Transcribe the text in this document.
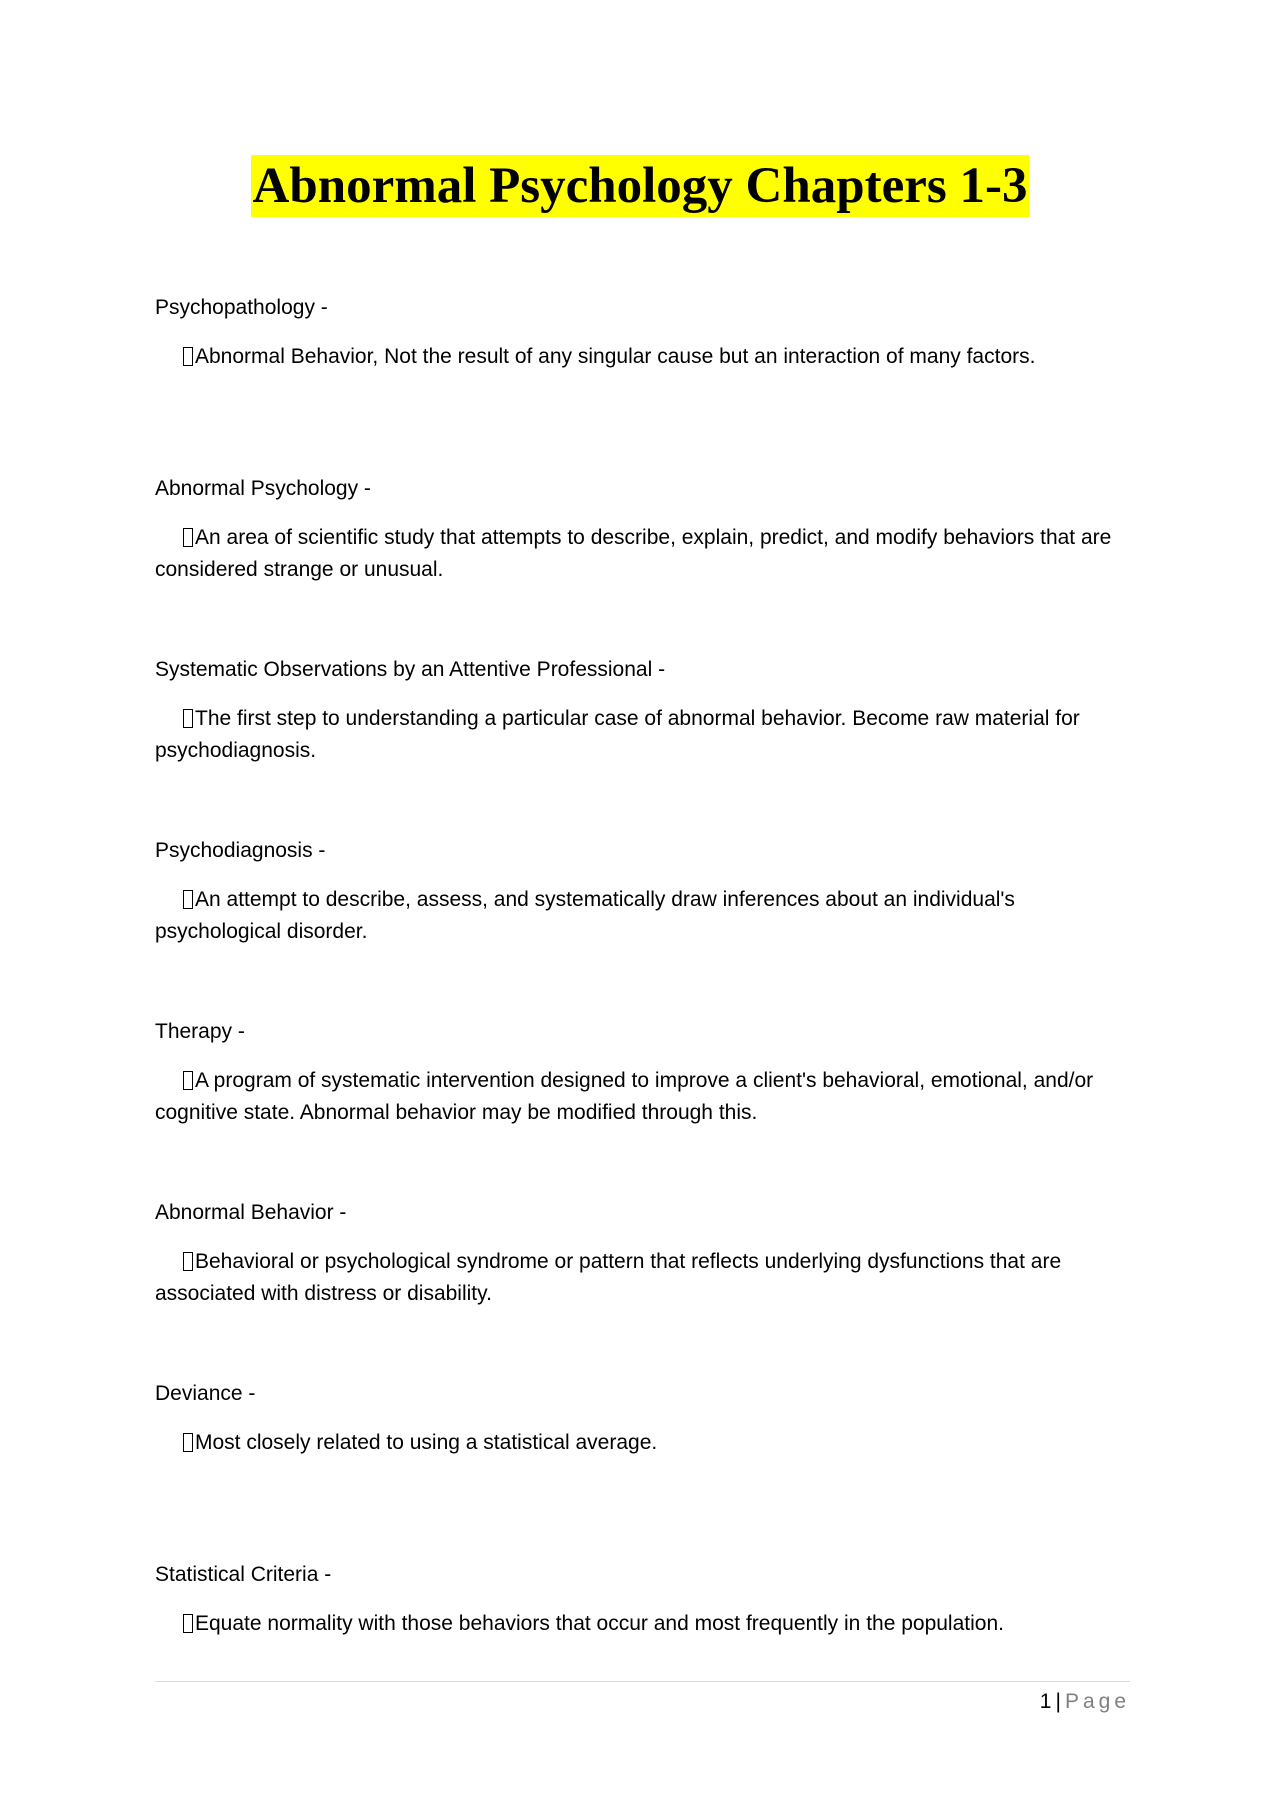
Abnormal Psychology Chapters 1-3

Psychopathology -

Abnormal Behavior, Not the result of any singular cause but an interaction of many factors.

Abnormal Psychology -

An area of scientific study that attempts to describe, explain, predict, and modify behaviors that are considered strange or unusual.

Systematic Observations by an Attentive Professional -

The first step to understanding a particular case of abnormal behavior. Become raw material for psychodiagnosis.

Psychodiagnosis -

An attempt to describe, assess, and systematically draw inferences about an individual's psychological disorder.

Therapy -

A program of systematic intervention designed to improve a client's behavioral, emotional, and/or cognitive state. Abnormal behavior may be modified through this.

Abnormal Behavior -

Behavioral or psychological syndrome or pattern that reflects underlying dysfunctions that are associated with distress or disability.

Deviance -

Most closely related to using a statistical average.

Statistical Criteria -

Equate normality with those behaviors that occur and most frequently in the population.

1 | Page
